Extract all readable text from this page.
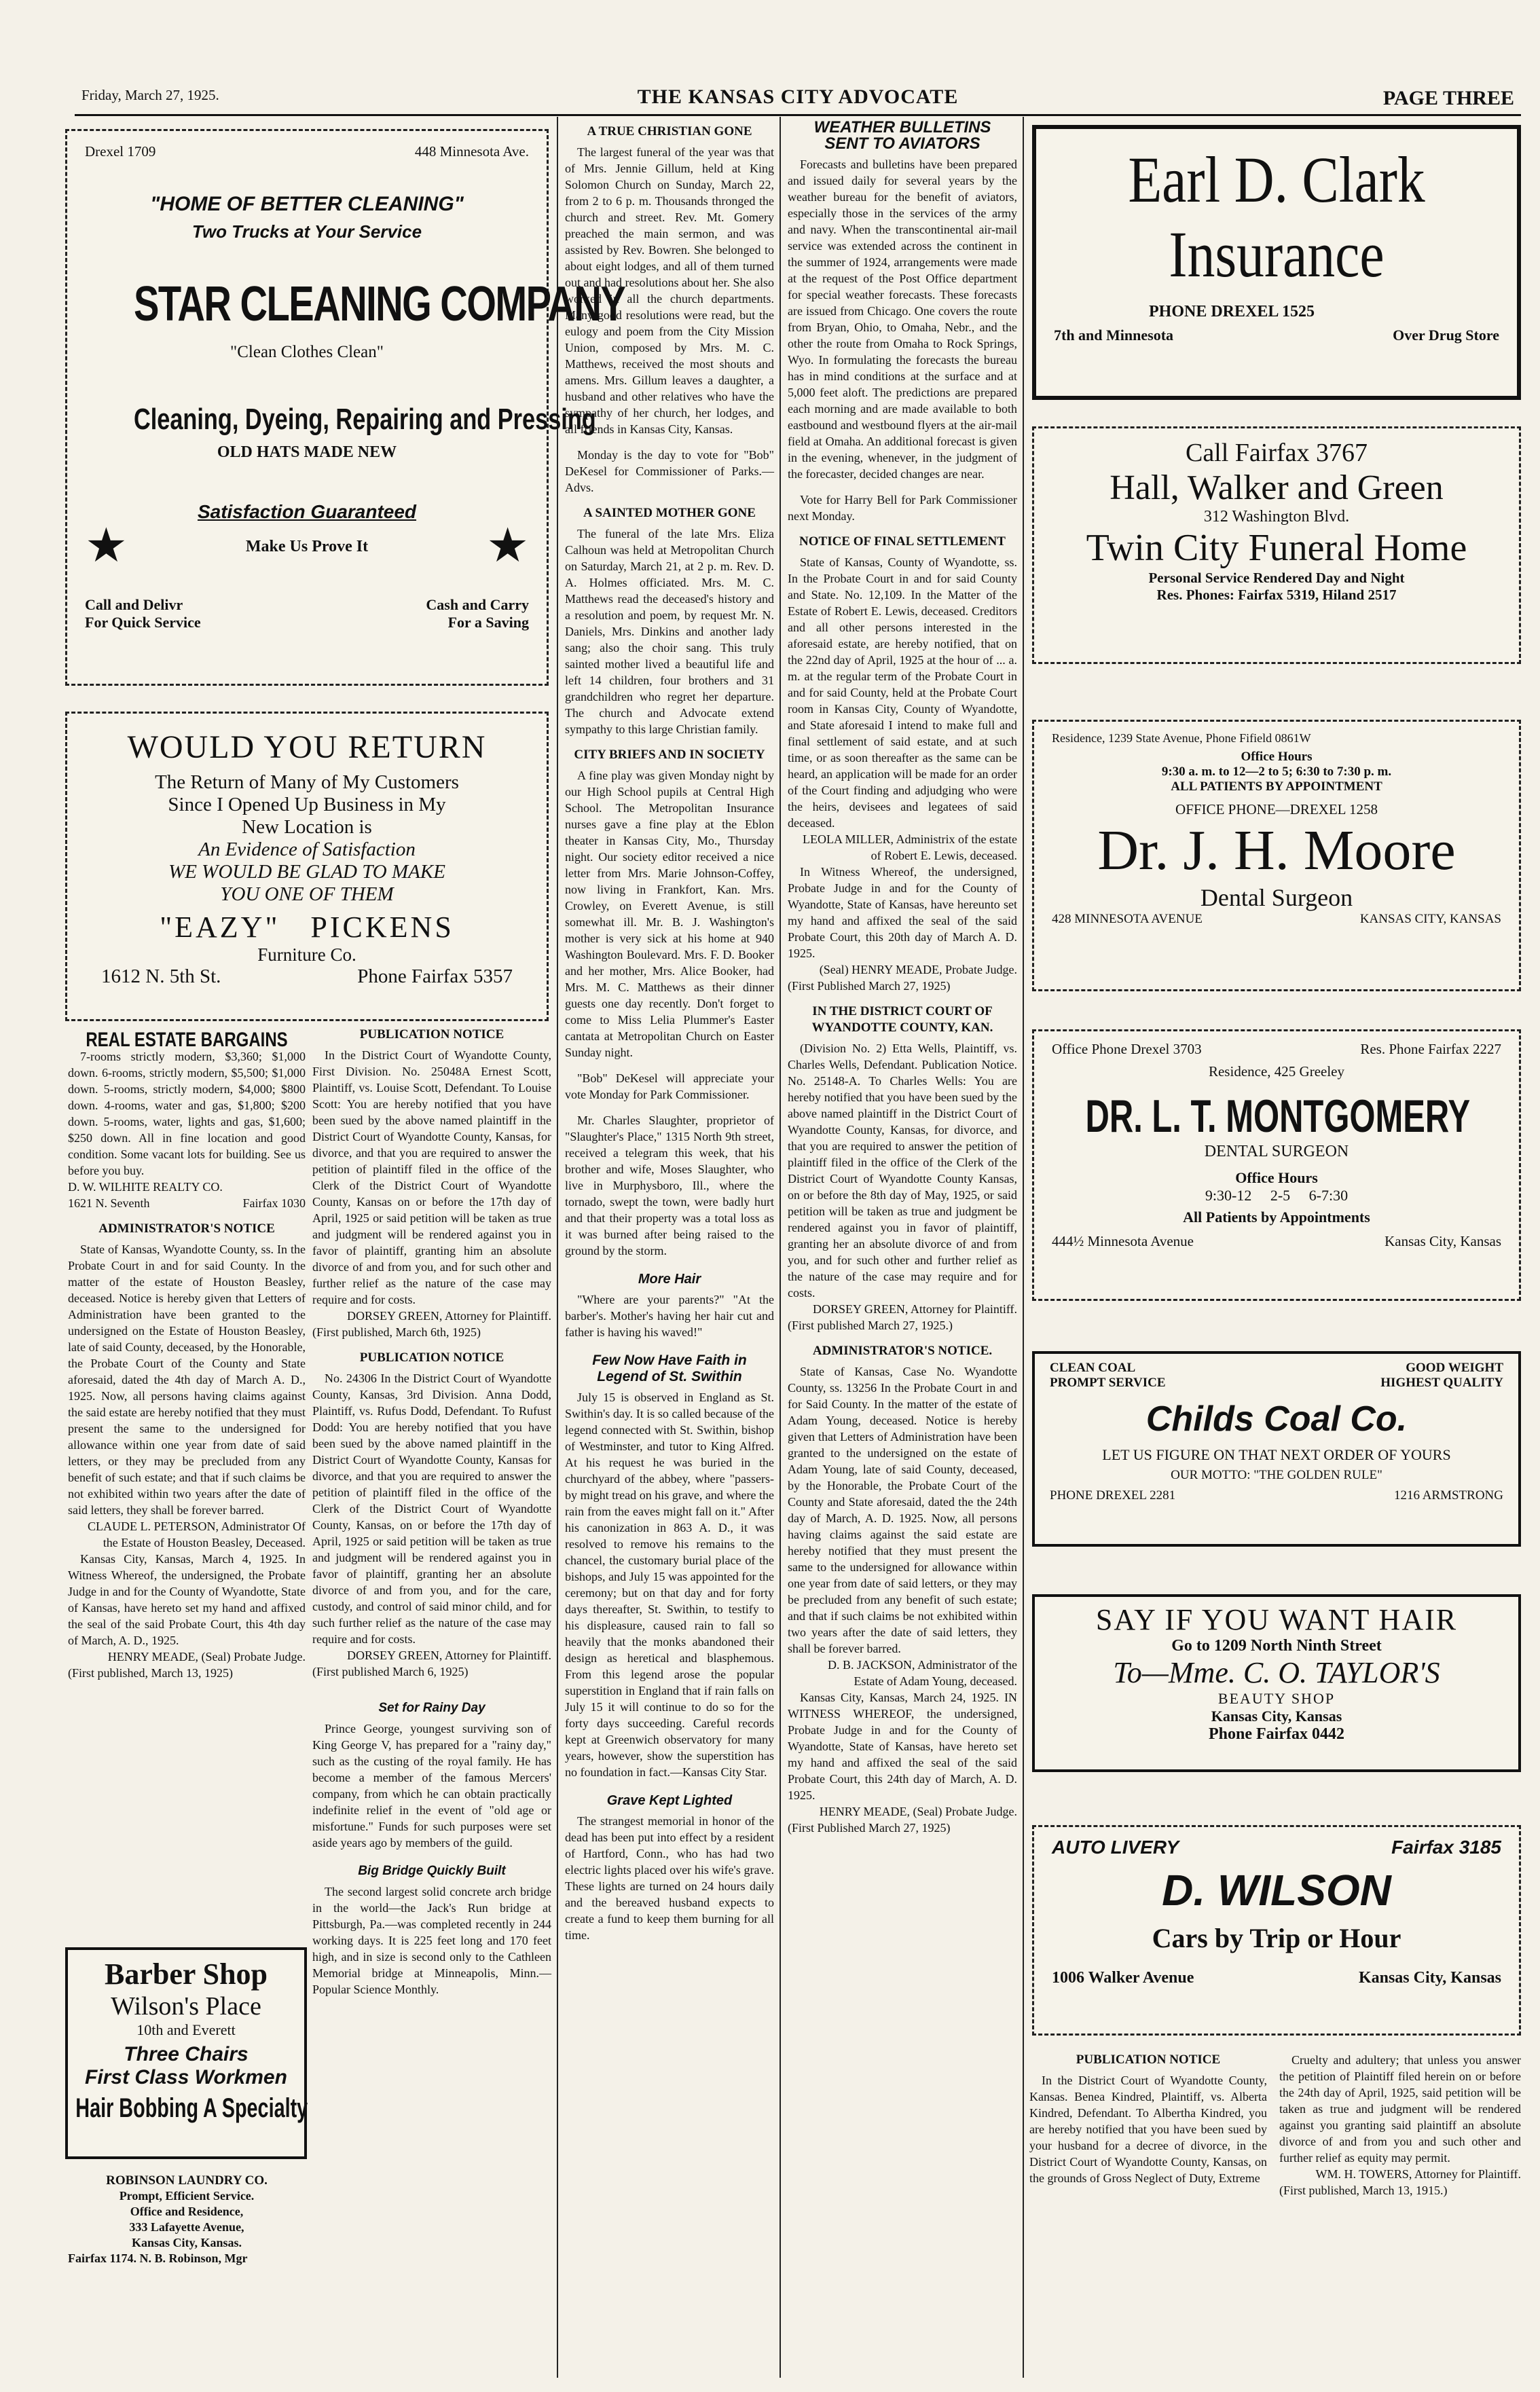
Friday, March 27, 1925.	THE KANSAS CITY ADVOCATE	PAGE THREE
Drexel 1709	448 Minnesota Ave.
"HOME OF BETTER CLEANING"
Two Trucks at Your Service
STAR CLEANING COMPANY
"Clean Clothes Clean"
Cleaning, Dyeing, Repairing and Pressing
OLD HATS MADE NEW
Satisfaction Guaranteed
★	Make Us Prove It ★
Call and Delivr
For Quick Service
Cash and Carry
For a Saving
WOULD YOU RETURN
The Return of Many of My Customers
Since I Opened Up Business in My
New Location is
An Evidence of Satisfaction
WE WOULD BE GLAD TO MAKE
YOU ONE OF THEM
"EAZY"   PICKENS
Furniture Co.
1612 N. 5th St.	Phone Fairfax 5357
REAL ESTATE BARGAINS

7-rooms strictly modern, $3,360; $1,000 down. 6-rooms, strictly modern, $5,500; $1,000 down. 5-rooms, strictly modern, $4,000; $800 down. 4-rooms, water and gas, $1,800; $200 down. 5-rooms, water, lights and gas, $1,600; $250 down. All in fine location and good condition. Some vacant lots for building. See us before you buy.

D. W. WILHITE REALTY CO.
1621 N. Seventh	Fairfax 1030
ADMINISTRATOR'S NOTICE

State of Kansas, Wyandotte County, ss. In the Probate Court in and for said County. In the matter of the estate of Houston Beasley, deceased. Notice is hereby given that Letters of Administration have been granted to the undersigned on the Estate of Houston Beasley, late of said County, deceased, by the Honorable, the Probate Court of the County and State aforesaid, dated the 4th day of March A. D., 1925. Now, all persons having claims against the said estate are hereby notified that they must present the same to the undersigned for allowance within one year from date of said letters, or they may be precluded from any benefit of such estate; and that if such claims be not exhibited within two years after the date of said letters, they shall be forever barred.

CLAUDE L. PETERSON, Administrator Of the Estate of Houston Beasley, Deceased.

Kansas City, Kansas, March 4, 1925. In Witness Whereof, the undersigned, the Probate Judge in and for the County of Wyandotte, State of Kansas, have hereto set my hand and affixed the seal of the said Probate Court, this 4th day of March, A. D., 1925.

HENRY MEADE, (Seal) Probate Judge.

(First published, March 13, 1925)
Barber Shop
Wilson's Place
10th and Everett
Three Chairs
First Class Workmen
Hair Bobbing A Specialty
ROBINSON LAUNDRY CO.
Prompt, Efficient Service.
Office and Residence,
333 Lafayette Avenue,
Kansas City, Kansas.
Fairfax 1174. N. B. Robinson, Mgr
PUBLICATION NOTICE

In the District Court of Wyandotte County, First Division. No. 25048A Ernest Scott, Plaintiff, vs. Louise Scott, Defendant. To Louise Scott: You are hereby notified that you have been sued by the above named plaintiff in the District Court of Wyandotte County, Kansas, for divorce, and that you are required to answer the petition of plaintiff filed in the office of the Clerk of the District Court of Wyandotte County, Kansas on or before the 17th day of April, 1925 or said petition will be taken as true and judgment will be rendered against you in favor of plaintiff, granting him an absolute divorce of and from you, and for such other and further relief as the nature of the case may require and for costs.

DORSEY GREEN, Attorney for Plaintiff.

(First published, March 6th, 1925)
PUBLICATION NOTICE

No. 24306 In the District Court of Wyandotte County, Kansas, 3rd Division. Anna Dodd, Plaintiff, vs. Rufus Dodd, Defendant. To Rufust Dodd: You are hereby notified that you have been sued by the above named plaintiff in the District Court of Wyandotte County, Kansas for divorce, and that you are required to answer the petition of plaintiff filed in the office of the Clerk of the District Court of Wyandotte County, Kansas, on or before the 17th day of April, 1925 or said petition will be taken as true and judgment will be rendered against you in favor of plaintiff, granting her an absolute divorce of and from you, and for the care, custody, and control of said minor child, and for such further relief as the nature of the case may require and for costs.

DORSEY GREEN, Attorney for Plaintiff.

(First published March 6, 1925)
Set for Rainy Day

Prince George, youngest surviving son of King George V, has prepared for a "rainy day," such as the custing of the royal family. He has become a member of the famous Mercers' company, from which he can obtain practically indefinite relief in the event of "old age or misfortune." Funds for such purposes were set aside years ago by members of the guild.

Big Bridge Quickly Built

The second largest solid concrete arch bridge in the world—the Jack's Run bridge at Pittsburgh, Pa.—was completed recently in 244 working days. It is 225 feet long and 170 feet high, and in size is second only to the Cathleen Memorial bridge at Minneapolis, Minn.—Popular Science Monthly.

A TRUE CHRISTIAN GONE

The largest funeral of the year was that of Mrs. Jennie Gillum, held at King Solomon Church on Sunday, March 22, from 2 to 6 p. m. Thousands thronged the church and street. Rev. Mt. Gomery preached the main sermon, and was assisted by Rev. Bowren. She belonged to about eight lodges, and all of them turned out and had resolutions about her. She also worked in all the church departments. Many good resolutions were read, but the eulogy and poem from the City Mission Union, composed by Mrs. M. C. Matthews, received the most shouts and amens. Mrs. Gillum leaves a daughter, a husband and other relatives who have the sympathy of her church, her lodges, and all friends in Kansas City, Kansas.

Monday is the day to vote for "Bob" DeKesel for Commissioner of Parks.—Advs.

A SAINTED MOTHER GONE

The funeral of the late Mrs. Eliza Calhoun was held at Metropolitan Church on Saturday, March 21, at 2 p. m. Rev. D. A. Holmes officiated. Mrs. M. C. Matthews read the deceased's history and a resolution and poem, by request Mr. N. Daniels, Mrs. Dinkins and another lady sang; also the choir sang. This truly sainted mother lived a beautiful life and left 14 children, four brothers and 31 grandchildren who regret her departure. The church and Advocate extend sympathy to this large Christian family.

CITY BRIEFS AND IN SOCIETY

A fine play was given Monday night by our High School pupils at Central High School. The Metropolitan Insurance nurses gave a fine play at the Eblon theater in Kansas City, Mo., Thursday night. Our society editor received a nice letter from Mrs. Marie Johnson-Coffey, now living in Frankfort, Kan. Mrs. Crowley, on Everett Avenue, is still somewhat ill. Mr. B. J. Washington's mother is very sick at his home at 940 Washington Boulevard. Mrs. F. D. Booker and her mother, Mrs. Alice Booker, had Mrs. M. C. Matthews as their dinner guests one day recently. Don't forget to come to Miss Lelia Plummer's Easter cantata at Metropolitan Church on Easter Sunday night.

"Bob" DeKesel will appreciate your vote Monday for Park Commissioner.

Mr. Charles Slaughter, proprietor of "Slaughter's Place," 1315 North 9th street, received a telegram this week, that his brother and wife, Moses Slaughter, who live in Murphysboro, Ill., where the tornado, swept the town, were badly hurt and that their property was a total loss as it was burned after being raised to the ground by the storm.

More Hair

"Where are your parents?" "At the barber's. Mother's having her hair cut and father is having his waved!"

Few Now Have Faith in Legend of St. Swithin

July 15 is observed in England as St. Swithin's day. It is so called because of the legend connected with St. Swithin, bishop of Westminster, and tutor to King Alfred. At his request he was buried in the churchyard of the abbey, where "passers-by might tread on his grave, and where the rain from the eaves might fall on it." After his canonization in 863 A. D., it was resolved to remove his remains to the chancel, the customary burial place of the bishops, and July 15 was appointed for the ceremony; but on that day and for forty days thereafter, St. Swithin, to testify to his displeasure, caused rain to fall so heavily that the monks abandoned their design as heretical and blasphemous. From this legend arose the popular superstition in England that if rain falls on July 15 it will continue to do so for the forty days succeeding. Careful records kept at Greenwich observatory for many years, however, show the superstition has no foundation in fact.—Kansas City Star.

Grave Kept Lighted

The strangest memorial in honor of the dead has been put into effect by a resident of Hartford, Conn., who has had two electric lights placed over his wife's grave. These lights are turned on 24 hours daily and the bereaved husband expects to create a fund to keep them burning for all time.

WEATHER BULLETINS
SENT TO AVIATORS

Forecasts and bulletins have been prepared and issued daily for several years by the weather bureau for the benefit of aviators, especially those in the services of the army and navy. When the transcontinental air-mail service was extended across the continent in the summer of 1924, arrangements were made at the request of the Post Office department for special weather forecasts. These forecasts are issued from Chicago. One covers the route from Bryan, Ohio, to Omaha, Nebr., and the other the route from Omaha to Rock Springs, Wyo. In formulating the forecasts the bureau has in mind conditions at the surface and at 5,000 feet aloft. The predictions are prepared each morning and are made available to both eastbound and westbound flyers at the air-mail field at Omaha. An additional forecast is given in the evening, whenever, in the judgment of the forecaster, decided changes are near.

Vote for Harry Bell for Park Commissioner next Monday.

NOTICE OF FINAL SETTLEMENT

State of Kansas, County of Wyandotte, ss. In the Probate Court in and for said County and State. No. 12,109. In the Matter of the Estate of Robert E. Lewis, deceased. Creditors and all other persons interested in the aforesaid estate, are hereby notified, that on the 22nd day of April, 1925 at the hour of ... a. m. at the regular term of the Probate Court in and for said County, held at the Probate Court room in Kansas City, County of Wyandotte, and State aforesaid I intend to make full and final settlement of said estate, and at such time, or as soon thereafter as the same can be heard, an application will be made for an order of the Court finding and adjudging who were the heirs, devisees and legatees of said deceased.

LEOLA MILLER, Administrix of the estate of Robert E. Lewis, deceased.

In Witness Whereof, the undersigned, Probate Judge in and for the County of Wyandotte, State of Kansas, have hereunto set my hand and affixed the seal of the said Probate Court, this 20th day of March A. D. 1925.

(Seal) HENRY MEADE, Probate Judge.

(First Published March 27, 1925)
IN THE DISTRICT COURT OF WYANDOTTE COUNTY, KAN.

(Division No. 2) Etta Wells, Plaintiff, vs. Charles Wells, Defendant. Publication Notice. No. 25148-A. To Charles Wells: You are hereby notified that you have been sued by the above named plaintiff in the District Court of Wyandotte County, Kansas, for divorce, and that you are required to answer the petition of plaintiff filed in the office of the Clerk of the District Court of Wyandotte County Kansas, on or before the 8th day of May, 1925, or said petition will be taken as true and judgment be rendered against you in favor of plaintiff, granting her an absolute divorce of and from you, and for such other and further relief as the nature of the case may require and for costs.

DORSEY GREEN, Attorney for Plaintiff.

(First published March 27, 1925.)
ADMINISTRATOR'S NOTICE.

State of Kansas, Case No. Wyandotte County, ss. 13256 In the Probate Court in and for Said County. In the matter of the estate of Adam Young, deceased. Notice is hereby given that Letters of Administration have been granted to the undersigned on the estate of Adam Young, late of said County, deceased, by the Honorable, the Probate Court of the County and State aforesaid, dated the the 24th day of March, A. D. 1925. Now, all persons having claims against the said estate are hereby notified that they must present the same to the undersigned for allowance within one year from date of said letters, or they may be precluded from any benefit of such estate; and that if such claims be not exhibited within two years after the date of said letters, they shall be forever barred.

D. B. JACKSON, Administrator of the Estate of Adam Young, deceased.

Kansas City, Kansas, March 24, 1925. IN WITNESS WHEREOF, the undersigned, Probate Judge in and for the County of Wyandotte, State of Kansas, have hereto set my hand and affixed the seal of the said Probate Court, this 24th day of March, A. D. 1925.

HENRY MEADE, (Seal) Probate Judge.

(First Published March 27, 1925)
Earl D. Clark
Insurance
PHONE DREXEL 1525
7th and Minnesota	Over Drug Store
Call Fairfax 3767
Hall, Walker and Green
312 Washington Blvd.
Twin City Funeral Home
Personal Service Rendered Day and Night
Res. Phones: Fairfax 5319, Hiland 2517
Residence, 1239 State Avenue, Phone Fifield 0861W
Office Hours
9:30 a. m. to 12—2 to 5; 6:30 to 7:30 p. m.
ALL PATIENTS BY APPOINTMENT
OFFICE PHONE—DREXEL 1258
Dr. J. H. Moore
Dental Surgeon
428 MINNESOTA AVENUE	KANSAS CITY, KANSAS
Office Phone Drexel 3703	Res. Phone Fairfax 2227
Residence, 425 Greeley
DR. L. T. MONTGOMERY
DENTAL SURGEON
Office Hours
9:30-12     2-5     6-7:30
All Patients by Appointments
444½ Minnesota Avenue	Kansas City, Kansas
CLEAN COAL	GOOD WEIGHT
PROMPT SERVICE	HIGHEST QUALITY
Childs Coal Co.
LET US FIGURE ON THAT NEXT ORDER OF YOURS
OUR MOTTO: "THE GOLDEN RULE"
PHONE DREXEL 2281	1216 ARMSTRONG
SAY IF YOU WANT HAIR
Go to 1209 North Ninth Street
To—Mme. C. O. TAYLOR'S
BEAUTY SHOP
Kansas City, Kansas
Phone Fairfax 0442
AUTO LIVERY	Fairfax 3185
D. WILSON
Cars by Trip or Hour
1006 Walker Avenue	Kansas City, Kansas
PUBLICATION NOTICE

In the District Court of Wyandotte County, Kansas. Benea Kindred, Plaintiff, vs. Alberta Kindred, Defendant. To Albertha Kindred, you are hereby notified that you have been sued by your husband for a decree of divorce, in the District Court of Wyandotte County, Kansas, on the grounds of Gross Neglect of Duty, Extreme

Cruelty and adultery; that unless you answer the petition of Plaintiff filed herein on or before the 24th day of April, 1925, said petition will be taken as true and judgment will be rendered against you granting said plaintiff an absolute divorce of and from you and such other and further relief as equity may permit.

WM. H. TOWERS, Attorney for Plaintiff.

(First published, March 13, 1915.)
